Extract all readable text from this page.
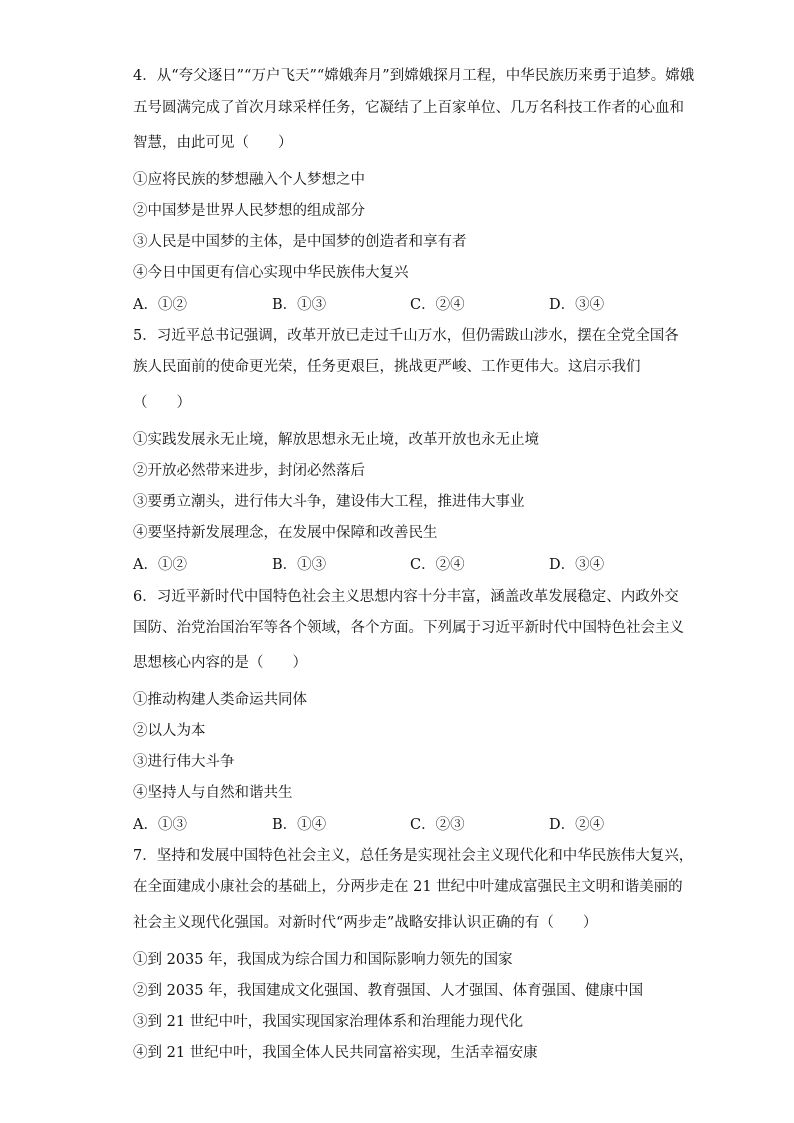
4．从“夸父逐日”“万户飞天”“嫦娥奔月”到嫦娥探月工程，中华民族历来勇于追梦。嫦娥
五号圆满完成了首次月球采样任务，它凝结了上百家单位、几万名科技工作者的心血和
智慧，由此可见（　　）
①应将民族的梦想融入个人梦想之中
②中国梦是世界人民梦想的组成部分
③人民是中国梦的主体，是中国梦的创造者和享有者
④今日中国更有信心实现中华民族伟大复兴
A．①②	B．①③	C．②④	D．③④
5．习近平总书记强调，改革开放已走过千山万水，但仍需跋山涉水，摆在全党全国各
族人民面前的使命更光荣，任务更艰巨，挑战更严峻、工作更伟大。这启示我们
（　　）
①实践发展永无止境，解放思想永无止境，改革开放也永无止境
②开放必然带来进步，封闭必然落后
③要勇立潮头，进行伟大斗争，建设伟大工程，推进伟大事业
④要坚持新发展理念，在发展中保障和改善民生
A．①②	B．①③	C．②④	D．③④
6．习近平新时代中国特色社会主义思想内容十分丰富，涵盖改革发展稳定、内政外交
国防、治党治国治军等各个领域，各个方面。下列属于习近平新时代中国特色社会主义
思想核心内容的是（　　）
①推动构建人类命运共同体
②以人为本
③进行伟大斗争
④坚持人与自然和谐共生
A．①③	B．①④	C．②③	D．②④
7．坚持和发展中国特色社会主义，总任务是实现社会主义现代化和中华民族伟大复兴，
在全面建成小康社会的基础上，分两步走在 21 世纪中叶建成富强民主文明和谐美丽的
社会主义现代化强国。对新时代“两步走”战略安排认识正确的有（　　）
①到 2035 年，我国成为综合国力和国际影响力领先的国家
②到 2035 年，我国建成文化强国、教育强国、人才强国、体育强国、健康中国
③到 21 世纪中叶，我国实现国家治理体系和治理能力现代化
④到 21 世纪中叶，我国全体人民共同富裕实现，生活幸福安康
